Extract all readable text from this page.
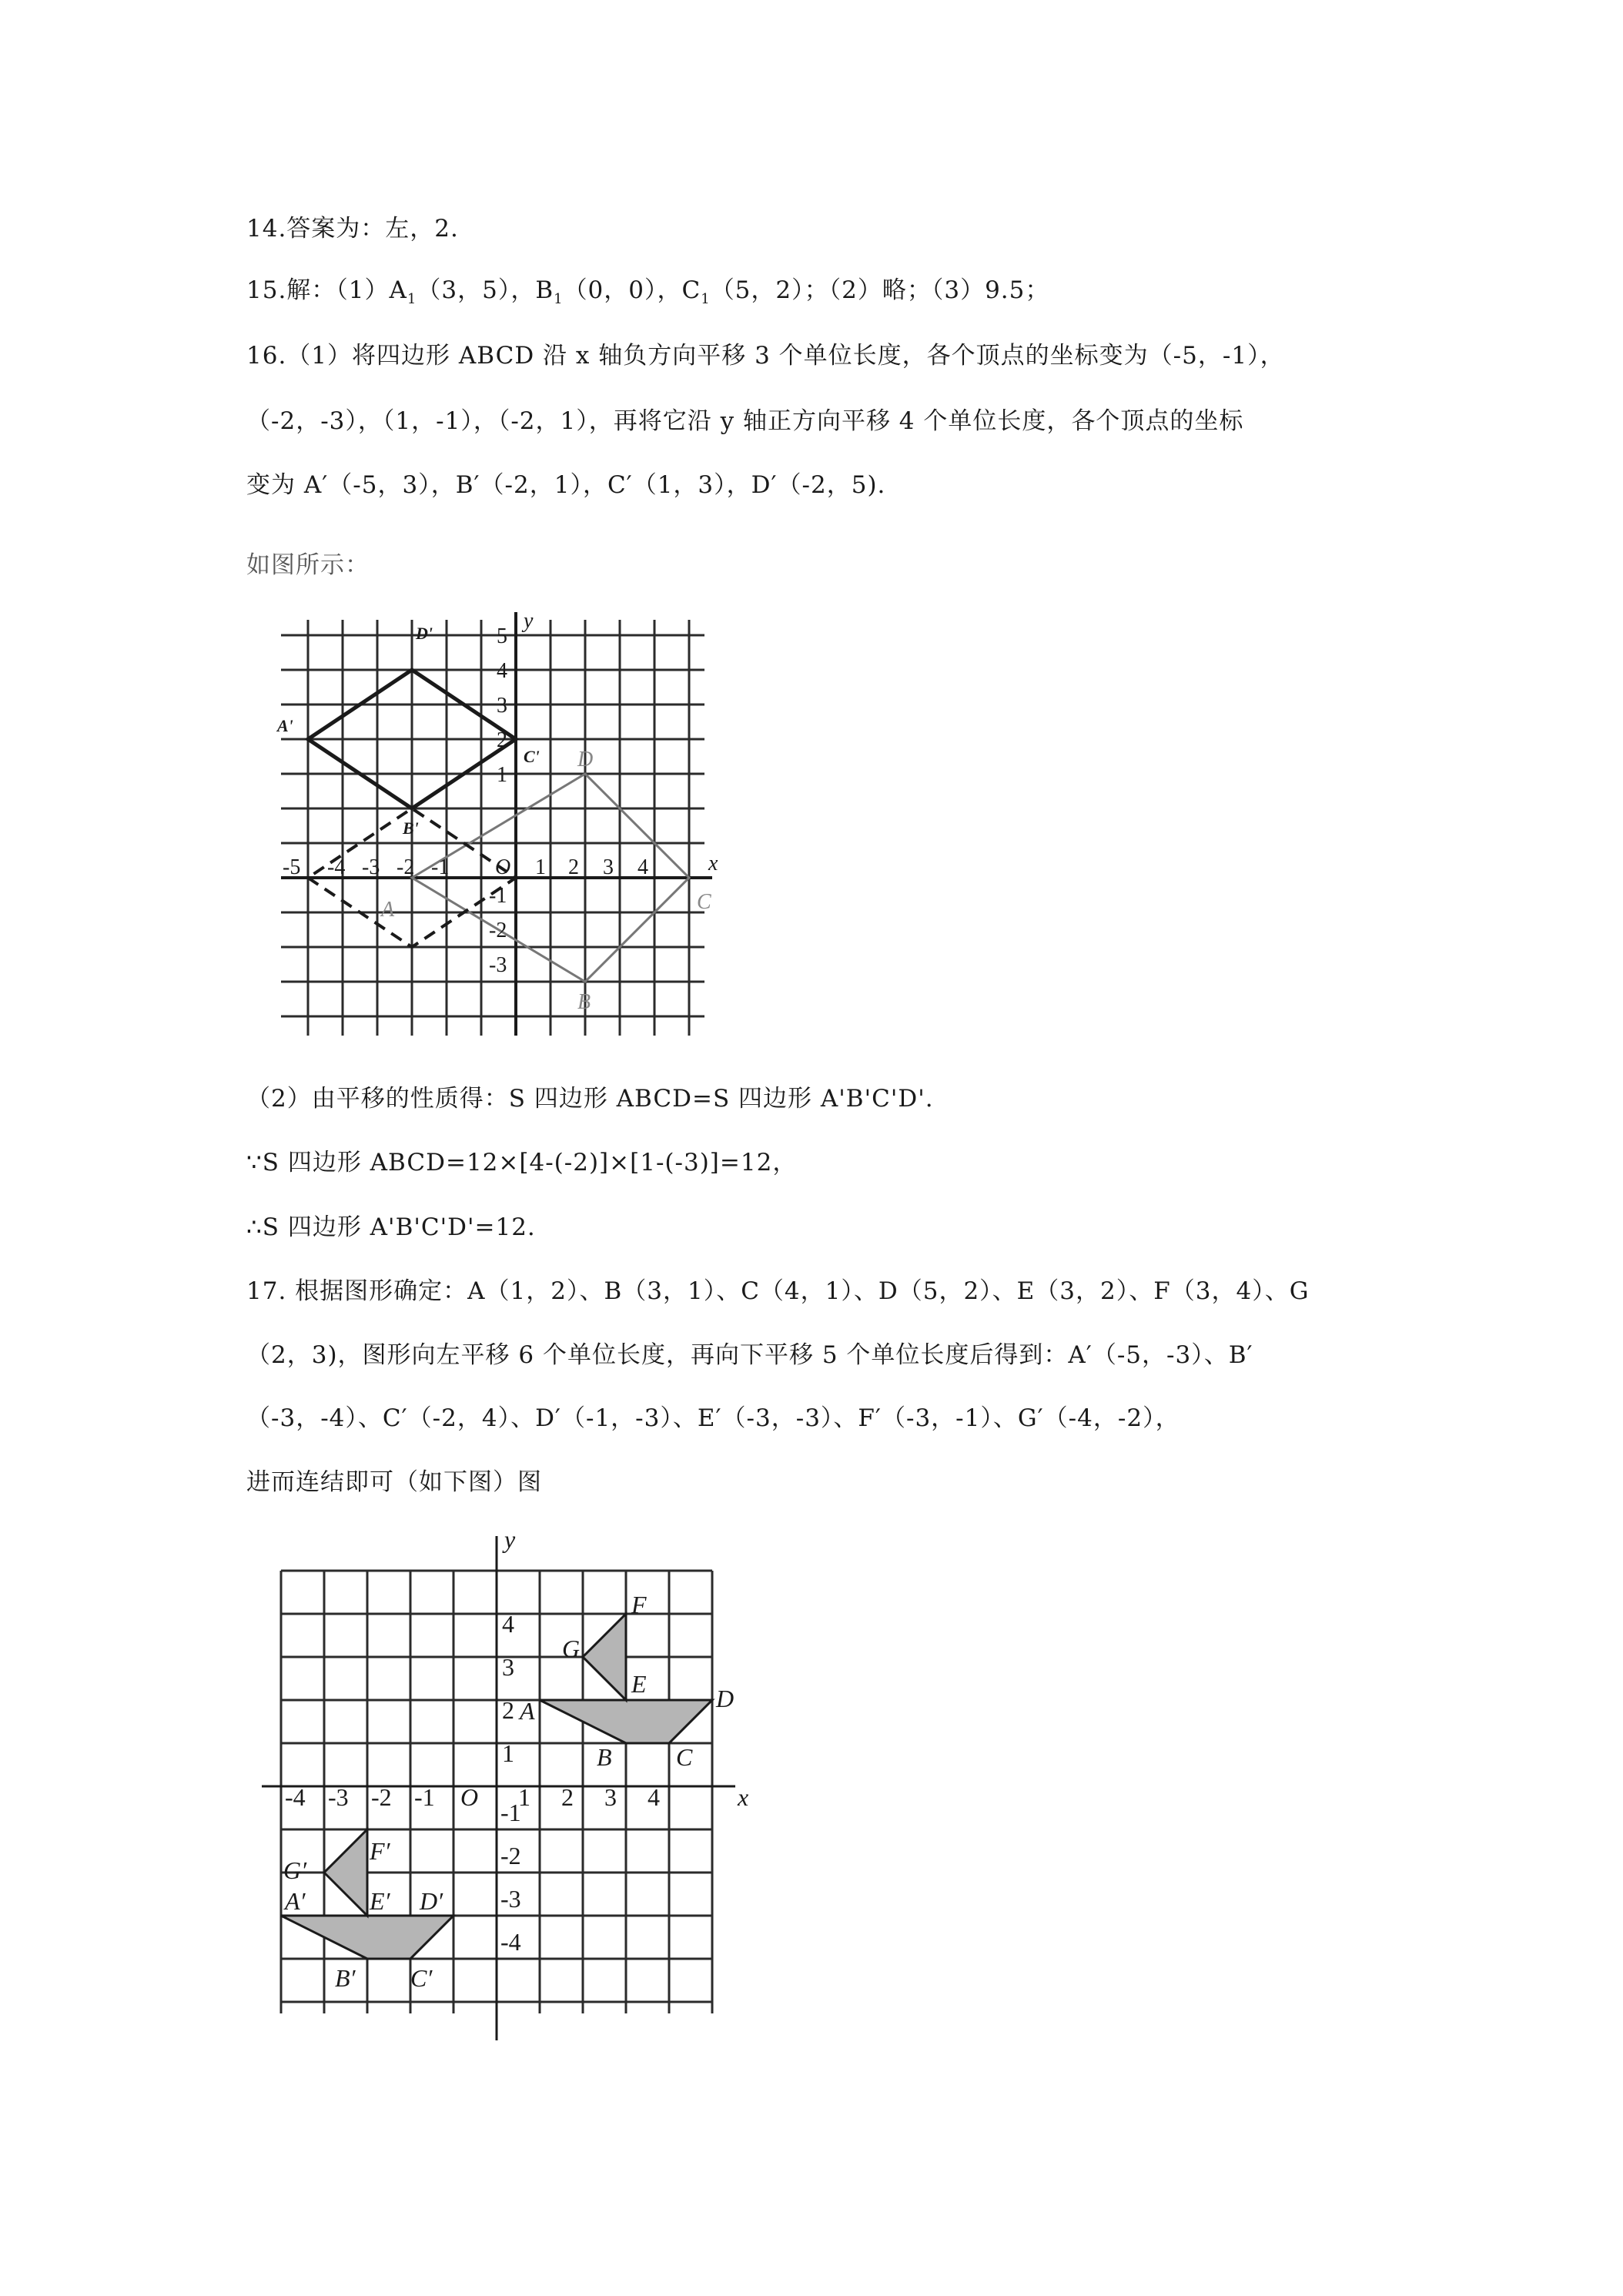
14.答案为：左，2.
15.解：$(1)A_1(3$，5），$B_1(0$，0），$C_1(5$，2）；（2）略；（3）9.5；
16.（1）将四边形 ABCD 沿 x 轴负方向平移 3 个单位长度，各个顶点的坐标变为（-5，-1），
（-2，-3），（1，-1），（-2，1），再将它沿 y 轴正方向平移 4 个单位长度，各个顶点的坐标
变为 A′（-5，3），B′（-2，1），C′（1，3），D′（-2，5).
如图所示：
x
y
O
-5 -4 -3 -2 -1	1 2 3 4
5
4
3
2
1
-1
-2
-3
A
B
C
D
A'
B'
C'
D'
（2）由平移的性质得：S 四边形 ABCD=S 四边形 A'B'C'D'.
∵S 四边形 ABCD=12×[4-(-2)]×[1-(-3)]=12，
∴S 四边形 A'B'C'D'=12.
17. 根据图形确定：A（1，2）、B（3，1）、C（4，1）、D（5，2）、E（3，2）、F（3，4）、G
（2，3)，图形向左平移 6 个单位长度，再向下平移 5 个单位长度后得到：A′（-5，-3）、B′
（-3，-4）、C′（-2，4）、D′（-1，-3）、E′（-3，-3）、F′（-3，-1）、G′（-4，-2），
进而连结即可（如下图）图
x
y
O
-4 -3 -2 -1	1 2 3 4
4
3
2
1
-1
-2
-3
-4
A
B	C
D
E
F
G
A′
B′ C′
D′
E′
F′
G′
